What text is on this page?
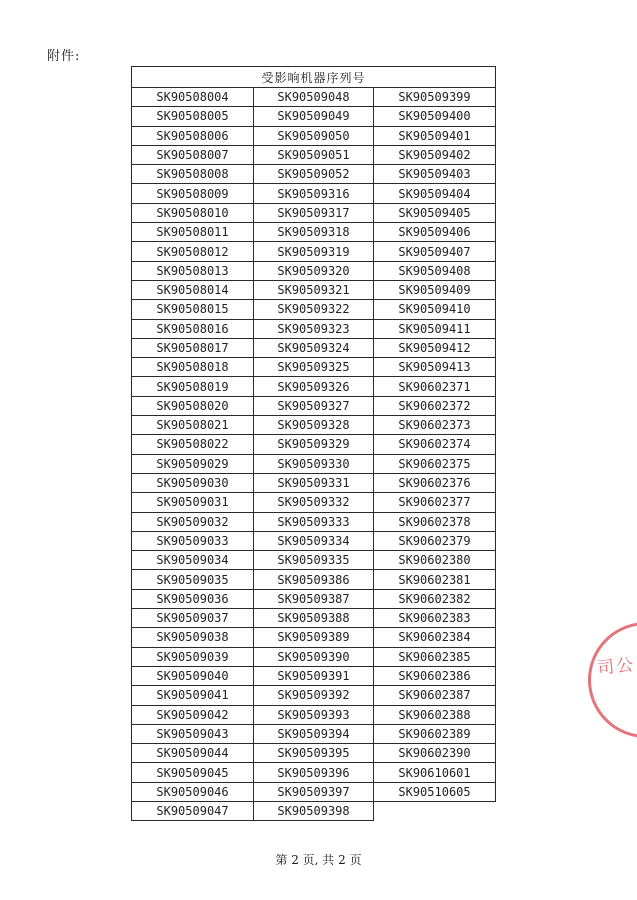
附件:
受影响机器序列号		
SK90508004	SK90509048	SK90509399
SK90508005	SK90509049	SK90509400
SK90508006	SK90509050	SK90509401
SK90508007	SK90509051	SK90509402
SK90508008	SK90509052	SK90509403
SK90508009	SK90509316	SK90509404
SK90508010	SK90509317	SK90509405
SK90508011	SK90509318	SK90509406
SK90508012	SK90509319	SK90509407
SK90508013	SK90509320	SK90509408
SK90508014	SK90509321	SK90509409
SK90508015	SK90509322	SK90509410
SK90508016	SK90509323	SK90509411
SK90508017	SK90509324	SK90509412
SK90508018	SK90509325	SK90509413
SK90508019	SK90509326	SK90602371
SK90508020	SK90509327	SK90602372
SK90508021	SK90509328	SK90602373
SK90508022	SK90509329	SK90602374
SK90509029	SK90509330	SK90602375
SK90509030	SK90509331	SK90602376
SK90509031	SK90509332	SK90602377
SK90509032	SK90509333	SK90602378
SK90509033	SK90509334	SK90602379
SK90509034	SK90509335	SK90602380
SK90509035	SK90509386	SK90602381
SK90509036	SK90509387	SK90602382
SK90509037	SK90509388	SK90602383
SK90509038	SK90509389	SK90602384
SK90509039	SK90509390	SK90602385
SK90509040	SK90509391	SK90602386
SK90509041	SK90509392	SK90602387
SK90509042	SK90509393	SK90602388
SK90509043	SK90509394	SK90602389
SK90509044	SK90509395	SK90602390
SK90509045	SK90509396	SK90610601
SK90509046	SK90509397	SK90510605
SK90509047	SK90509398	
司公
第 2 页, 共 2 页
